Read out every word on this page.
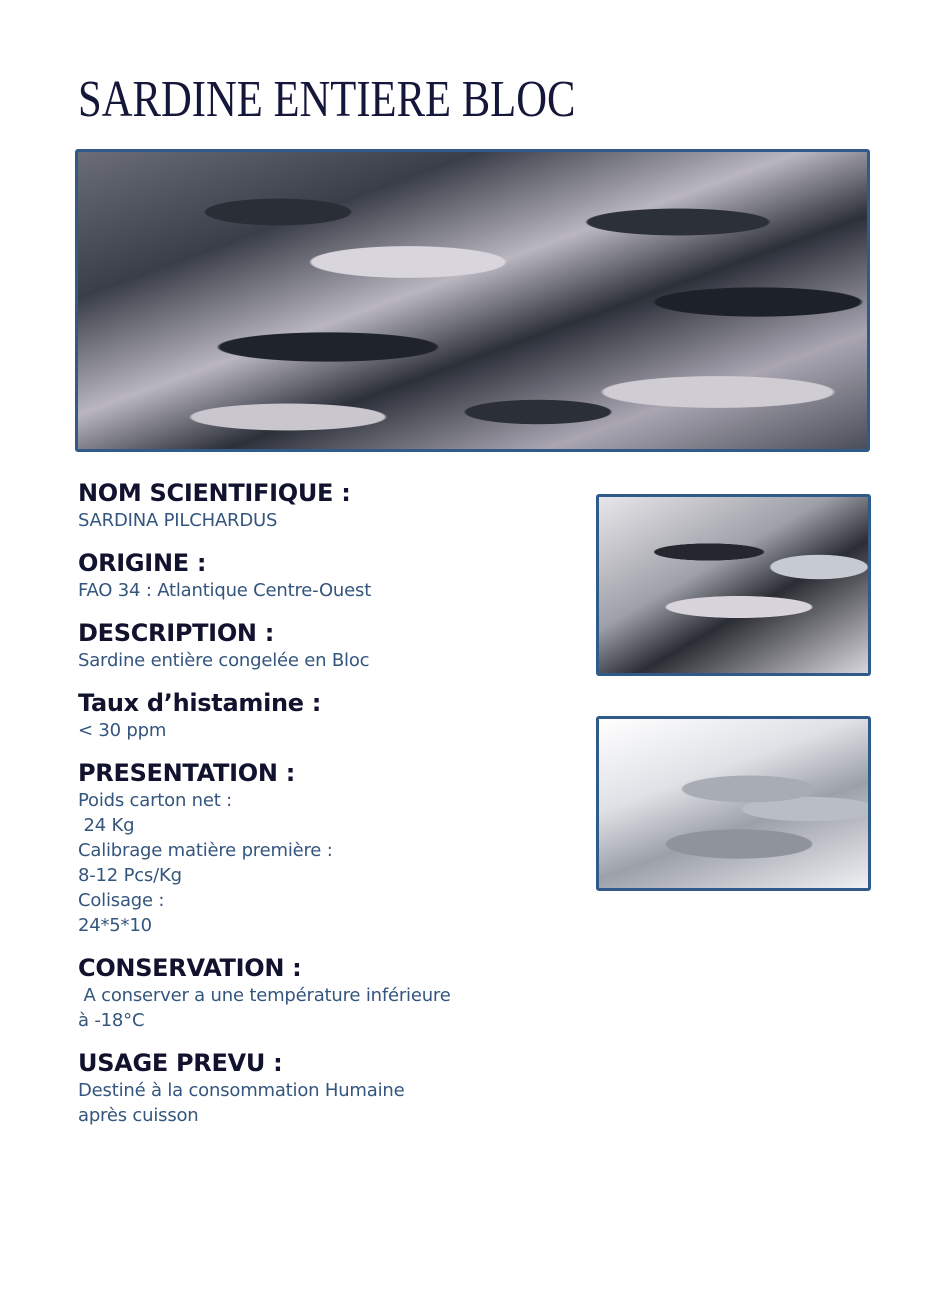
SARDINE ENTIERE BLOC
NOM SCIENTIFIQUE :
SARDINA PILCHARDUS
ORIGINE :
FAO 34 : Atlantique Centre-Ouest
DESCRIPTION :
Sardine entière congelée en Bloc
Taux d’histamine :
< 30 ppm
PRESENTATION :
Poids carton net :
24 Kg
Calibrage matière première :
8-12 Pcs/Kg
Colisage :
24*5*10
CONSERVATION :
A conserver a une température inférieure
à -18°C
USAGE PREVU :
Destiné à la consommation Humaine
après cuisson
